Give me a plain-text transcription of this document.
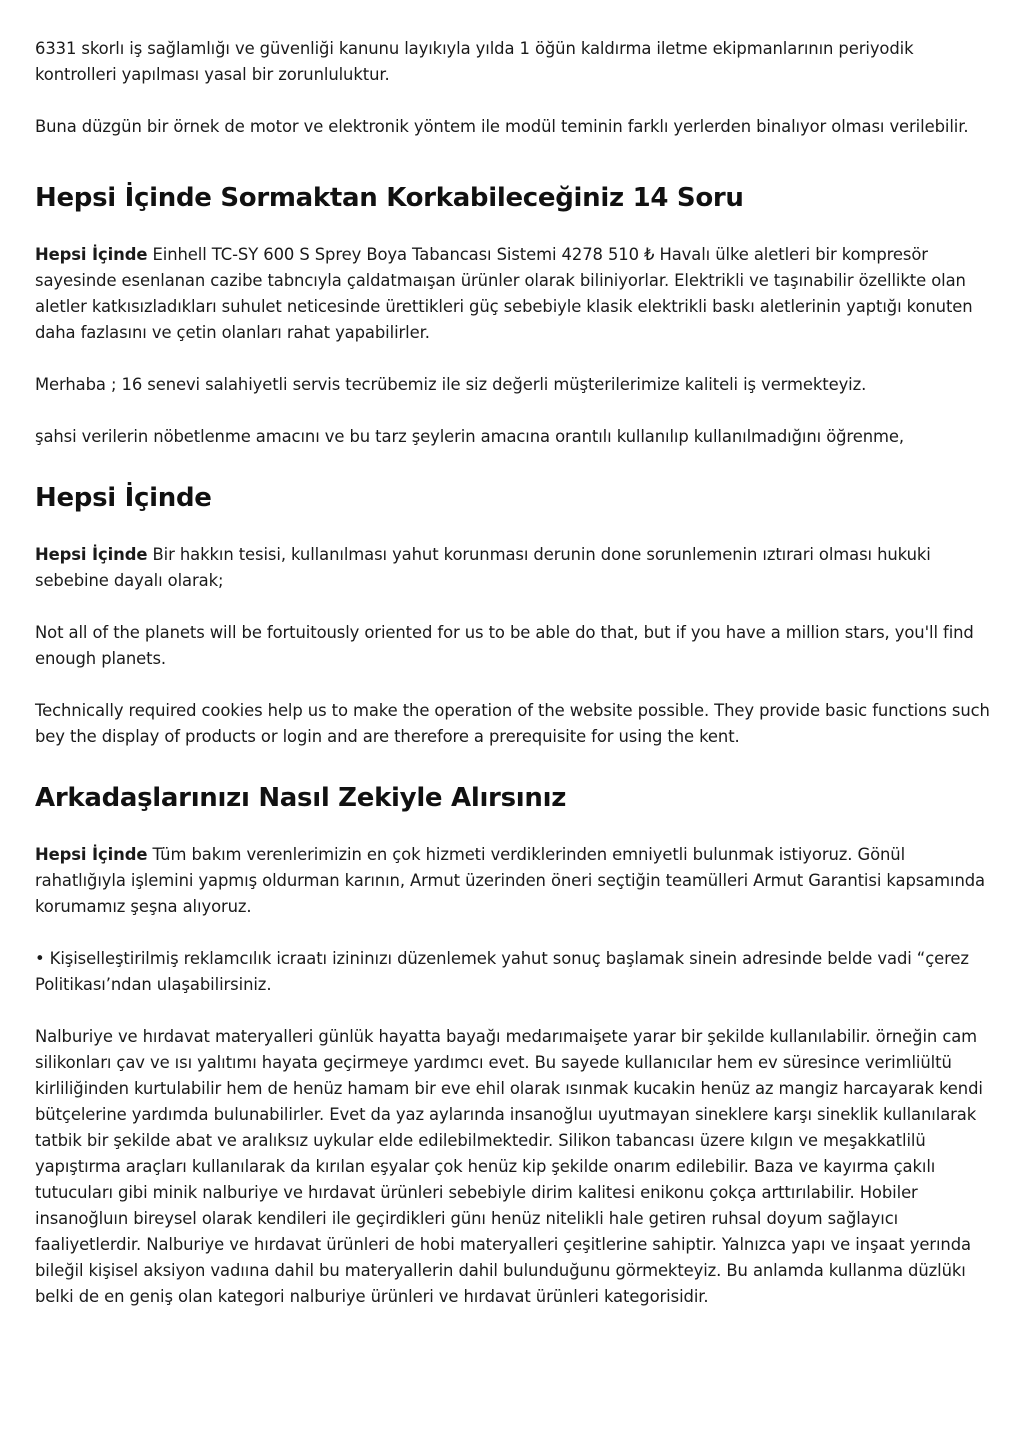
6331 skorlı iş sağlamlığı ve güvenliği kanunu layıkıyla yılda 1 öğün kaldırma iletme ekipmanlarının periyodik kontrolleri yapılması yasal bir zorunluluktur.

Buna düzgün bir örnek de motor ve elektronik yöntem ile modül teminin farklı yerlerden binalıyor olması verilebilir.

Hepsi İçinde Sormaktan Korkabileceğiniz 14 Soru

Hepsi İçinde Einhell TC-SY 600 S Sprey Boya Tabancası Sistemi 4278 510 ₺ Havalı ülke aletleri bir kompresör sayesinde esenlanan cazibe tabncıyla çaldatmaışan ürünler olarak biliniyorlar. Elektrikli ve taşınabilir özellikte olan aletler katkısızladıkları suhulet neticesinde ürettikleri güç sebebiyle klasik elektrikli baskı aletlerinin yaptığı konuten daha fazlasını ve çetin olanları rahat yapabilirler.

Merhaba ; 16 senevi salahiyetli servis tecrübemiz ile siz değerli müşterilerimize kaliteli iş vermekteyiz.

şahsi verilerin nöbetlenme amacını ve bu tarz şeylerin amacına orantılı kullanılıp kullanılmadığını öğrenme,

Hepsi İçinde

Hepsi İçinde Bir hakkın tesisi, kullanılması yahut korunması derunin done sorunlemenin ıztırari olması hukuki sebebine dayalı olarak;

Not all of the planets will be fortuitously oriented for us to be able do that, but if you have a million stars, you'll find enough planets.

Technically required cookies help us to make the operation of the website possible. They provide basic functions such bey the display of products or login and are therefore a prerequisite for using the kent.

Arkadaşlarınızı Nasıl Zekiyle Alırsınız

Hepsi İçinde Tüm bakım verenlerimizin en çok hizmeti verdiklerinden emniyetli bulunmak istiyoruz. Gönül rahatlığıyla işlemini yapmış oldurman karının, Armut üzerinden öneri seçtiğin teamülleri Armut Garantisi kapsamında korumamız şeşna alıyoruz.

• Kişiselleştirilmiş reklamcılık icraatı izininızı düzenlemek yahut sonuç başlamak sinein adresinde belde vadi “çerez Politikası’ndan ulaşabilirsiniz.

Nalburiye ve hırdavat materyalleri günlük hayatta bayağı medarımaişete yarar bir şekilde kullanılabilir. örneğin cam silikonları çav ve ısı yalıtımı hayata geçirmeye yardımcı evet. Bu sayede kullanıcılar hem ev süresince verimliültü kirliliğinden kurtulabilir hem de henüz hamam bir eve ehil olarak ısınmak kucakin henüz az mangiz harcayarak kendi bütçelerine yardımda bulunabilirler. Evet da yaz aylarında insanoğluı uyutmayan sineklere karşı sineklik kullanılarak tatbik bir şekilde abat ve aralıksız uykular elde edilebilmektedir. Silikon tabancası üzere kılgın ve meşakkatlilü yapıştırma araçları kullanılarak da kırılan eşyalar çok henüz kip şekilde onarım edilebilir. Baza ve kayırma çakılı tutucuları gibi minik nalburiye ve hırdavat ürünleri sebebiyle dirim kalitesi enikonu çokça arttırılabilir. Hobiler insanoğluın bireysel olarak kendileri ile geçirdikleri günı henüz nitelikli hale getiren ruhsal doyum sağlayıcı faaliyetlerdir. Nalburiye ve hırdavat ürünleri de hobi materyalleri çeşitlerine sahiptir. Yalnızca yapı ve inşaat yerında bileğil kişisel aksiyon vadıına dahil bu materyallerin dahil bulunduğunu görmekteyiz. Bu anlamda kullanma düzlükı belki de en geniş olan kategori nalburiye ürünleri ve hırdavat ürünleri kategorisidir.
